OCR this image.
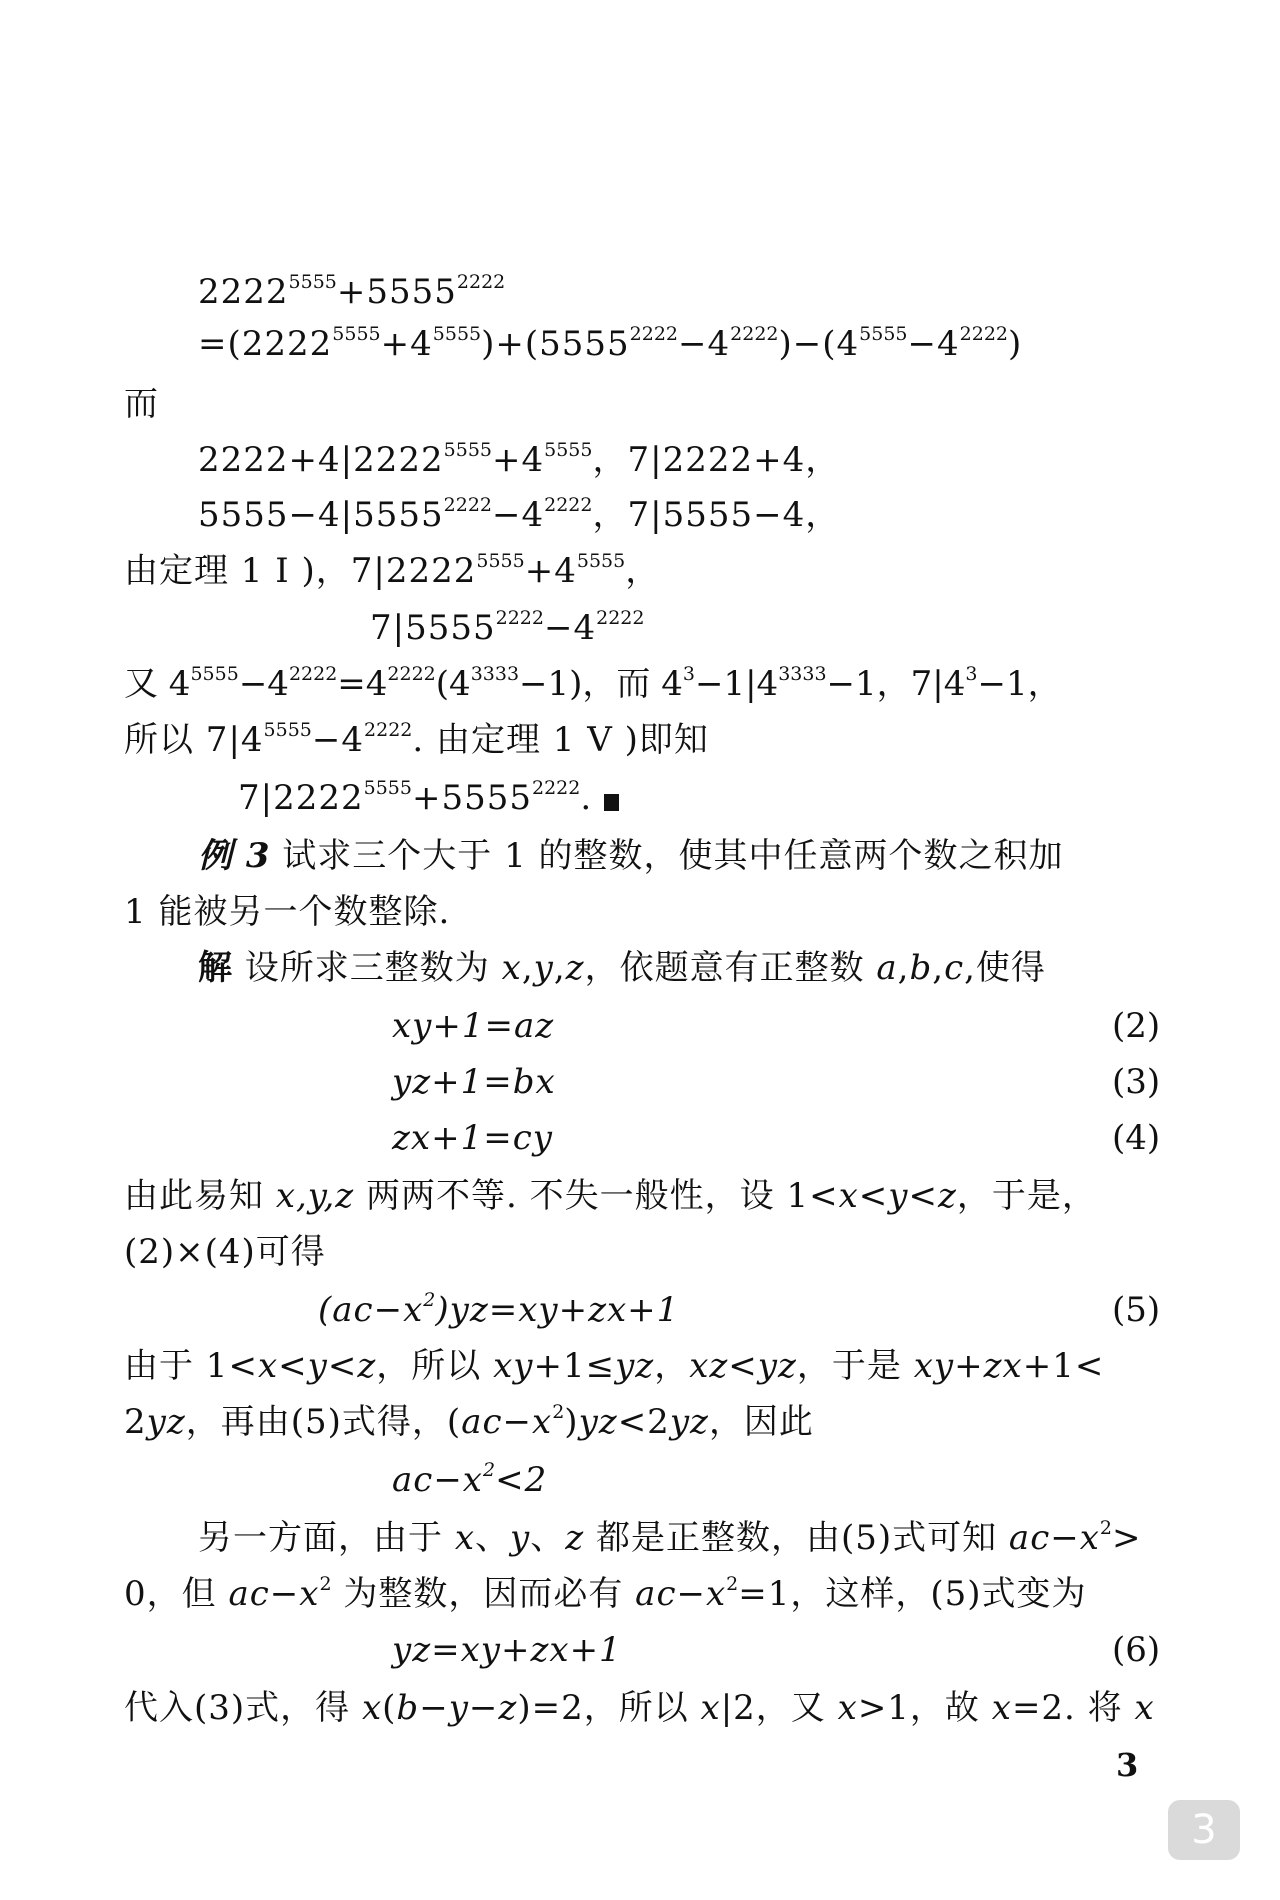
$2222^{5555}+5555^{2222}$
$=(2222^{5555}+4^{5555})+(5555^{2222}-4^{2222})-(4^{5555}-4^{2222})$
而
$2222+4|2222^{5555}+4^{5555}$，7|2222+4，
$5555-4|5555^{2222}-4^{2222}$，7|5555−4，
由定理 1 I )，$7|2222^{5555}+4^{5555}$，
$7|5555^{2222}-4^{2222}$
又 $4^{5555}-4^{2222}=4^{2222}(4^{3333}-1)$，而 $4^3-1|4^{3333}-1$，$7|4^3-1$，
所以 $7|4^{5555}-4^{2222}$. 由定理 1 V )即知
$7|2222^{5555}+5555^{2222}$.
例 3 试求三个大于 1 的整数，使其中任意两个数之积加
1 能被另一个数整除.
解 设所求三整数为 x,y,z，依题意有正整数 a,b,c,使得
xy+1=az	(2)
yz+1=bx	(3)
zx+1=cy	(4)
由此易知 x,y,z 两两不等. 不失一般性，设 1<x<y<z，于是，
(2)×(4)可得
$(ac-x^2)yz=xy+zx+1$	(5)
由于 1<x<y<z，所以 xy+1≤yz，xz<yz，于是 xy+zx+1<
2yz，再由(5)式得，$(ac-x^2)yz<2yz$，因此
$ac-x^2<2$
另一方面，由于 x、y、z 都是正整数，由(5)式可知 $ac-x^2>$
0，但 $ac-x^2$ 为整数，因而必有 $ac-x^2=1$，这样，(5)式变为
yz=xy+zx+1	(6)
代入(3)式，得 x(b−y−z)=2，所以 x|2，又 x>1，故 x=2. 将 x
3
3
